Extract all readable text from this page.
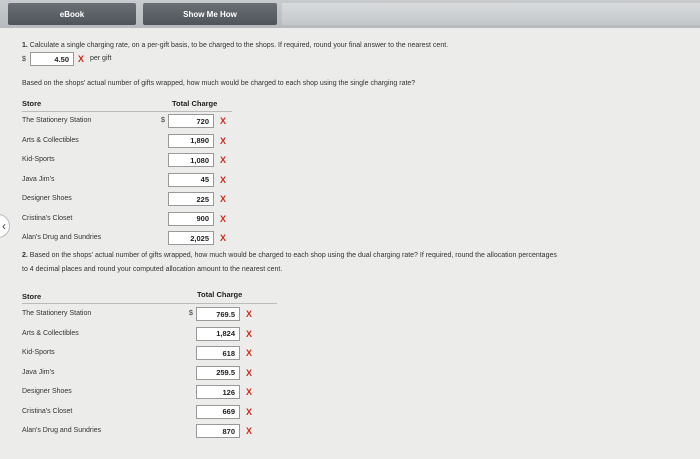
eBook	Show Me How
1. Calculate a single charging rate, on a per-gift basis, to be charged to the shops. If required, round your final answer to the nearest cent.
$	4.50	X per gift
Based on the shops' actual number of gifts wrapped, how much would be charged to each shop using the single charging rate?
Store	Total Charge
The Stationery Station	$	720	X
Arts & Collectibles	1,890	X
Kid-Sports	1,080	X
Java Jim's	45	X
Designer Shoes	225	X
Cristina's Closet	900	X
Alan's Drug and Sundries	2,025	X
‹
2. Based on the shops' actual number of gifts wrapped, how much would be charged to each shop using the dual charging rate? If required, round the allocation percentages
to 4 decimal places and round your computed allocation amount to the nearest cent.
Store	Total Charge
The Stationery Station	$	769.5	X
Arts & Collectibles	1,824	X
Kid-Sports	618	X
Java Jim's	259.5	X
Designer Shoes	126	X
Cristina's Closet	669	X
Alan's Drug and Sundries	870	X
